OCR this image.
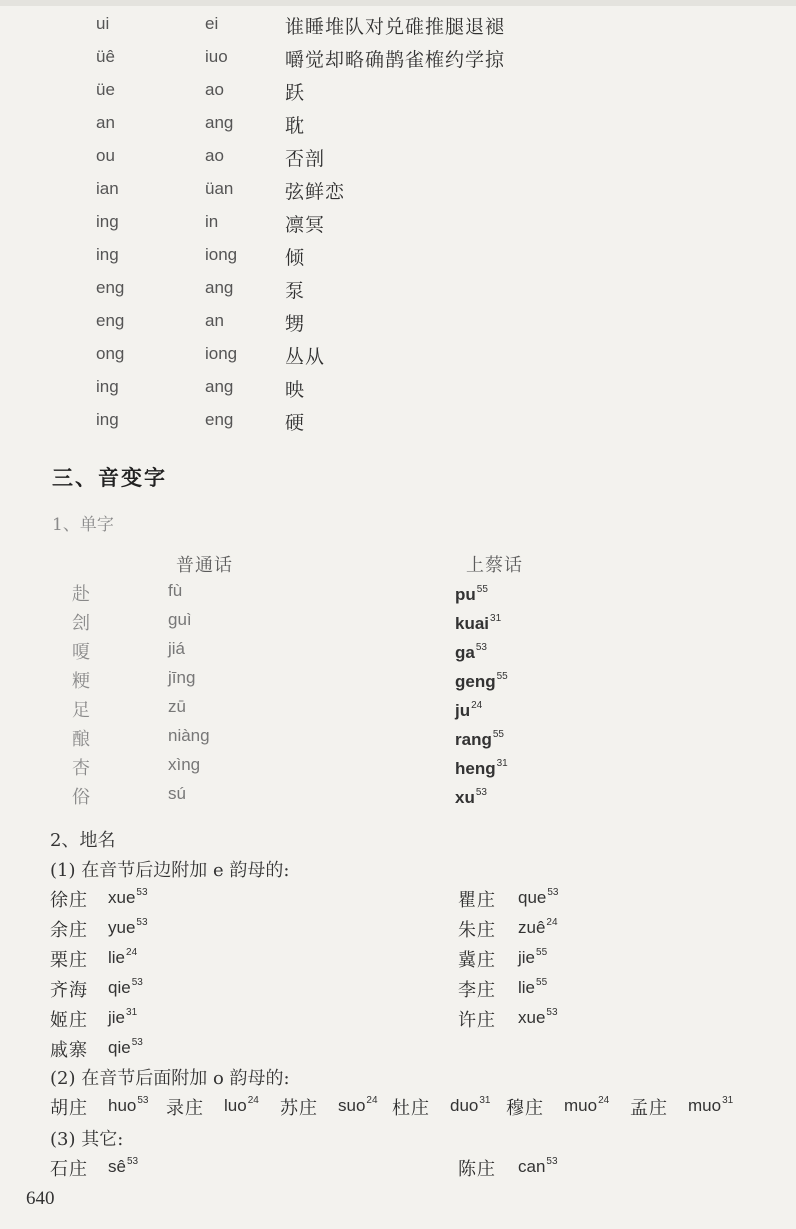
ui	ei	谁睡堆队对兑碓推腿退褪
üê	iuo	嚼觉却略确鹊雀榷约学掠
üe	ao	跃
an	ang	耽
ou	ao	否剖
ian	üan	弦鲜恋
ing	in	凛冥
ing	iong	倾
eng	ang	泵
eng	an	甥
ong	iong	丛从
ing	ang	映
ing	eng	硬
三、音变字
1、单字
普通话	上蔡话
赴	fù	$pu^{55}$
刽	guì	kuai$^{31}$
嗄	jiá	$ga^{53}$
粳	jīng	geng$^{55}$
足	zū	$ju^{24}$
酿	niàng	rang$^{55}$
杏	xìng	heng$^{31}$
俗	sú	$xu^{53}$
2、地名
(1) 在音节后边附加 e 韵母的:
徐庄 xue$^{53}$
余庄 yue$^{53}$
栗庄 lie$^{24}$
齐海 qie$^{53}$
姬庄 jie$^{31}$
戚寨 qie$^{53}$
瞿庄 que$^{53}$
朱庄 zuê$^{24}$
冀庄 jie$^{55}$
李庄 lie$^{55}$
许庄 xue$^{53}$
(2) 在音节后面附加 o 韵母的:
胡庄 huo$^{53}$ 录庄 luo$^{24}$ 苏庄 suo$^{24}$ 杜庄 duo$^{31}$ 穆庄 muo$^{24}$ 孟庄 muo$^{31}$
(3) 其它:
石庄 $sê^{53}$	陈庄 can$^{53}$
640
